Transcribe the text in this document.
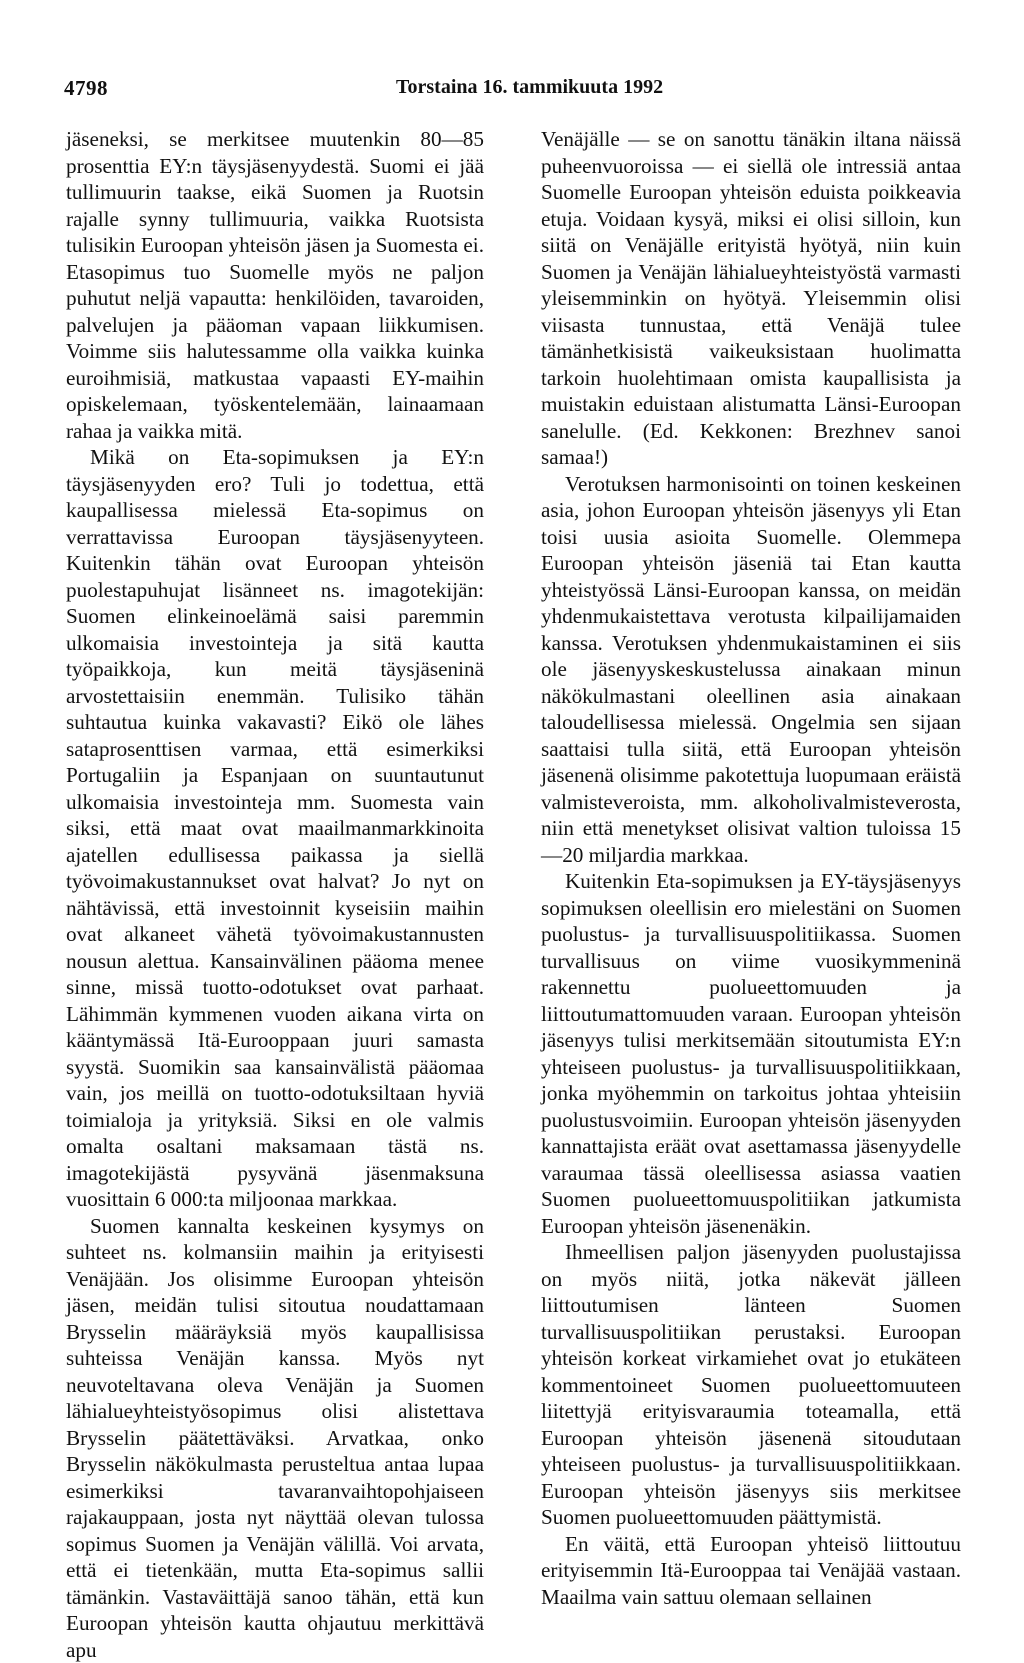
4798	Torstaina 16. tammikuuta 1992

jäseneksi, se merkitsee muutenkin 80—85 prosenttia EY:n täysjäsenyydestä. Suomi ei jää tullimuurin taakse, eikä Suomen ja Ruotsin rajalle synny tullimuuria, vaikka Ruotsista tulisikin Euroopan yhteisön jäsen ja Suomesta ei. Etasopimus tuo Suomelle myös ne paljon puhutut neljä vapautta: henkilöiden, tavaroiden, palvelujen ja pääoman vapaan liikkumisen. Voimme siis halutessamme olla vaikka kuinka euroihmisiä, matkustaa vapaasti EY-maihin opiskelemaan, työskentelemään, lainaamaan rahaa ja vaikka mitä.

Mikä on Eta-sopimuksen ja EY:n täysjäsenyyden ero? Tuli jo todettua, että kaupallisessa mielessä Eta-sopimus on verrattavissa Euroopan täysjäsenyyteen. Kuitenkin tähän ovat Euroopan yhteisön puolestapuhujat lisänneet ns. imagotekijän: Suomen elinkeinoelämä saisi paremmin ulkomaisia investointeja ja sitä kautta työpaikkoja, kun meitä täysjäseninä arvostettaisiin enemmän. Tulisiko tähän suhtautua kuinka vakavasti? Eikö ole lähes sataprosenttisen varmaa, että esimerkiksi Portugaliin ja Espanjaan on suuntautunut ulkomaisia investointeja mm. Suomesta vain siksi, että maat ovat maailmanmarkkinoita ajatellen edullisessa paikassa ja siellä työvoimakustannukset ovat halvat? Jo nyt on nähtävissä, että investoinnit kyseisiin maihin ovat alkaneet vähetä työvoimakustannusten nousun alettua. Kansainvälinen pääoma menee sinne, missä tuotto-odotukset ovat parhaat. Lähimmän kymmenen vuoden aikana virta on kääntymässä Itä-Eurooppaan juuri samasta syystä. Suomikin saa kansainvälistä pääomaa vain, jos meillä on tuotto-odotuksiltaan hyviä toimialoja ja yrityksiä. Siksi en ole valmis omalta osaltani maksamaan tästä ns. imagotekijästä pysyvänä jäsenmaksuna vuosittain 6 000:ta miljoonaa markkaa.

Suomen kannalta keskeinen kysymys on suhteet ns. kolmansiin maihin ja erityisesti Venäjään. Jos olisimme Euroopan yhteisön jäsen, meidän tulisi sitoutua noudattamaan Brysselin määräyksiä myös kaupallisissa suhteissa Venäjän kanssa. Myös nyt neuvoteltavana oleva Venäjän ja Suomen lähialueyhteistyösopimus olisi alistettava Brysselin päätettäväksi. Arvatkaa, onko Brysselin näkökulmasta perusteltua antaa lupaa esimerkiksi tavaranvaihtopohjaiseen rajakauppaan, josta nyt näyttää olevan tulossa sopimus Suomen ja Venäjän välillä. Voi arvata, että ei tietenkään, mutta Eta-sopimus sallii tämänkin. Vastaväittäjä sanoo tähän, että kun Euroopan yhteisön kautta ohjautuu merkittävä apu

Venäjälle — se on sanottu tänäkin iltana näissä puheenvuoroissa — ei siellä ole intressiä antaa Suomelle Euroopan yhteisön eduista poikkeavia etuja. Voidaan kysyä, miksi ei olisi silloin, kun siitä on Venäjälle erityistä hyötyä, niin kuin Suomen ja Venäjän lähialueyhteistyöstä varmasti yleisemminkin on hyötyä. Yleisemmin olisi viisasta tunnustaa, että Venäjä tulee tämänhetkisistä vaikeuksistaan huolimatta tarkoin huolehtimaan omista kaupallisista ja muistakin eduistaan alistumatta Länsi-Euroopan sanelulle. (Ed. Kekkonen: Brezhnev sanoi samaa!)

Verotuksen harmonisointi on toinen keskeinen asia, johon Euroopan yhteisön jäsenyys yli Etan toisi uusia asioita Suomelle. Olemmepa Euroopan yhteisön jäseniä tai Etan kautta yhteistyössä Länsi-Euroopan kanssa, on meidän yhdenmukaistettava verotusta kilpailijamaiden kanssa. Verotuksen yhdenmukaistaminen ei siis ole jäsenyyskeskustelussa ainakaan minun näkökulmastani oleellinen asia ainakaan taloudellisessa mielessä. Ongelmia sen sijaan saattaisi tulla siitä, että Euroopan yhteisön jäsenenä olisimme pakotettuja luopumaan eräistä valmisteveroista, mm. alkoholivalmisteverosta, niin että menetykset olisivat valtion tuloissa 15—20 miljardia markkaa.

Kuitenkin Eta-sopimuksen ja EY-täysjäsenyys sopimuksen oleellisin ero mielestäni on Suomen puolustus- ja turvallisuuspolitiikassa. Suomen turvallisuus on viime vuosikymmeninä rakennettu puolueettomuuden ja liittoutumattomuuden varaan. Euroopan yhteisön jäsenyys tulisi merkitsemään sitoutumista EY:n yhteiseen puolustus- ja turvallisuuspolitiikkaan, jonka myöhemmin on tarkoitus johtaa yhteisiin puolustusvoimiin. Euroopan yhteisön jäsenyyden kannattajista eräät ovat asettamassa jäsenyydelle varaumaa tässä oleellisessa asiassa vaatien Suomen puolueettomuuspolitiikan jatkumista Euroopan yhteisön jäsenenäkin.

Ihmeellisen paljon jäsenyyden puolustajissa on myös niitä, jotka näkevät jälleen liittoutumisen länteen Suomen turvallisuuspolitiikan perustaksi. Euroopan yhteisön korkeat virkamiehet ovat jo etukäteen kommentoineet Suomen puolueettomuuteen liitettyjä erityisvaraumia toteamalla, että Euroopan yhteisön jäsenenä sitoudutaan yhteiseen puolustus- ja turvallisuuspolitiikkaan. Euroopan yhteisön jäsenyys siis merkitsee Suomen puolueettomuuden päättymistä.

En väitä, että Euroopan yhteisö liittoutuu erityisemmin Itä-Eurooppaa tai Venäjää vastaan. Maailma vain sattuu olemaan sellainen
